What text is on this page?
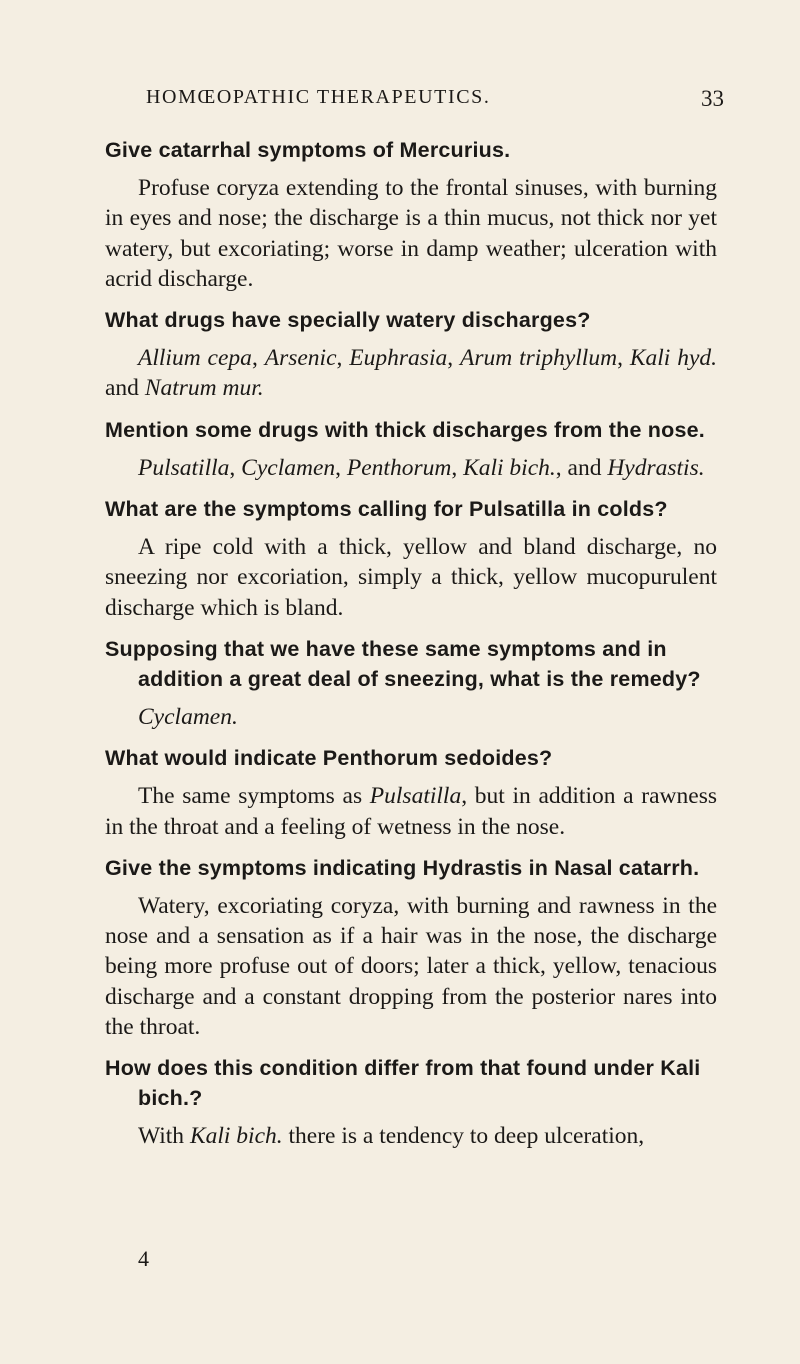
HOMŒOPATHIC THERAPEUTICS.	33

Give catarrhal symptoms of Mercurius.

Profuse coryza extending to the frontal sinuses, with burning in eyes and nose; the discharge is a thin mucus, not thick nor yet watery, but excoriating; worse in damp weather; ulceration with acrid discharge.

What drugs have specially watery discharges?

Allium cepa, Arsenic, Euphrasia, Arum triphyllum, Kali hyd. and Natrum mur.

Mention some drugs with thick discharges from the nose.

Pulsatilla, Cyclamen, Penthorum, Kali bich., and Hydrastis.

What are the symptoms calling for Pulsatilla in colds?

A ripe cold with a thick, yellow and bland discharge, no sneezing nor excoriation, simply a thick, yellow mucopurulent discharge which is bland.

Supposing that we have these same symptoms and in addition a great deal of sneezing, what is the remedy?

Cyclamen.

What would indicate Penthorum sedoides?

The same symptoms as Pulsatilla, but in addition a rawness in the throat and a feeling of wetness in the nose.

Give the symptoms indicating Hydrastis in Nasal catarrh.

Watery, excoriating coryza, with burning and rawness in the nose and a sensation as if a hair was in the nose, the discharge being more profuse out of doors; later a thick, yellow, tenacious discharge and a constant dropping from the posterior nares into the throat.

How does this condition differ from that found under Kali bich.?

With Kali bich. there is a tendency to deep ulceration,

4
